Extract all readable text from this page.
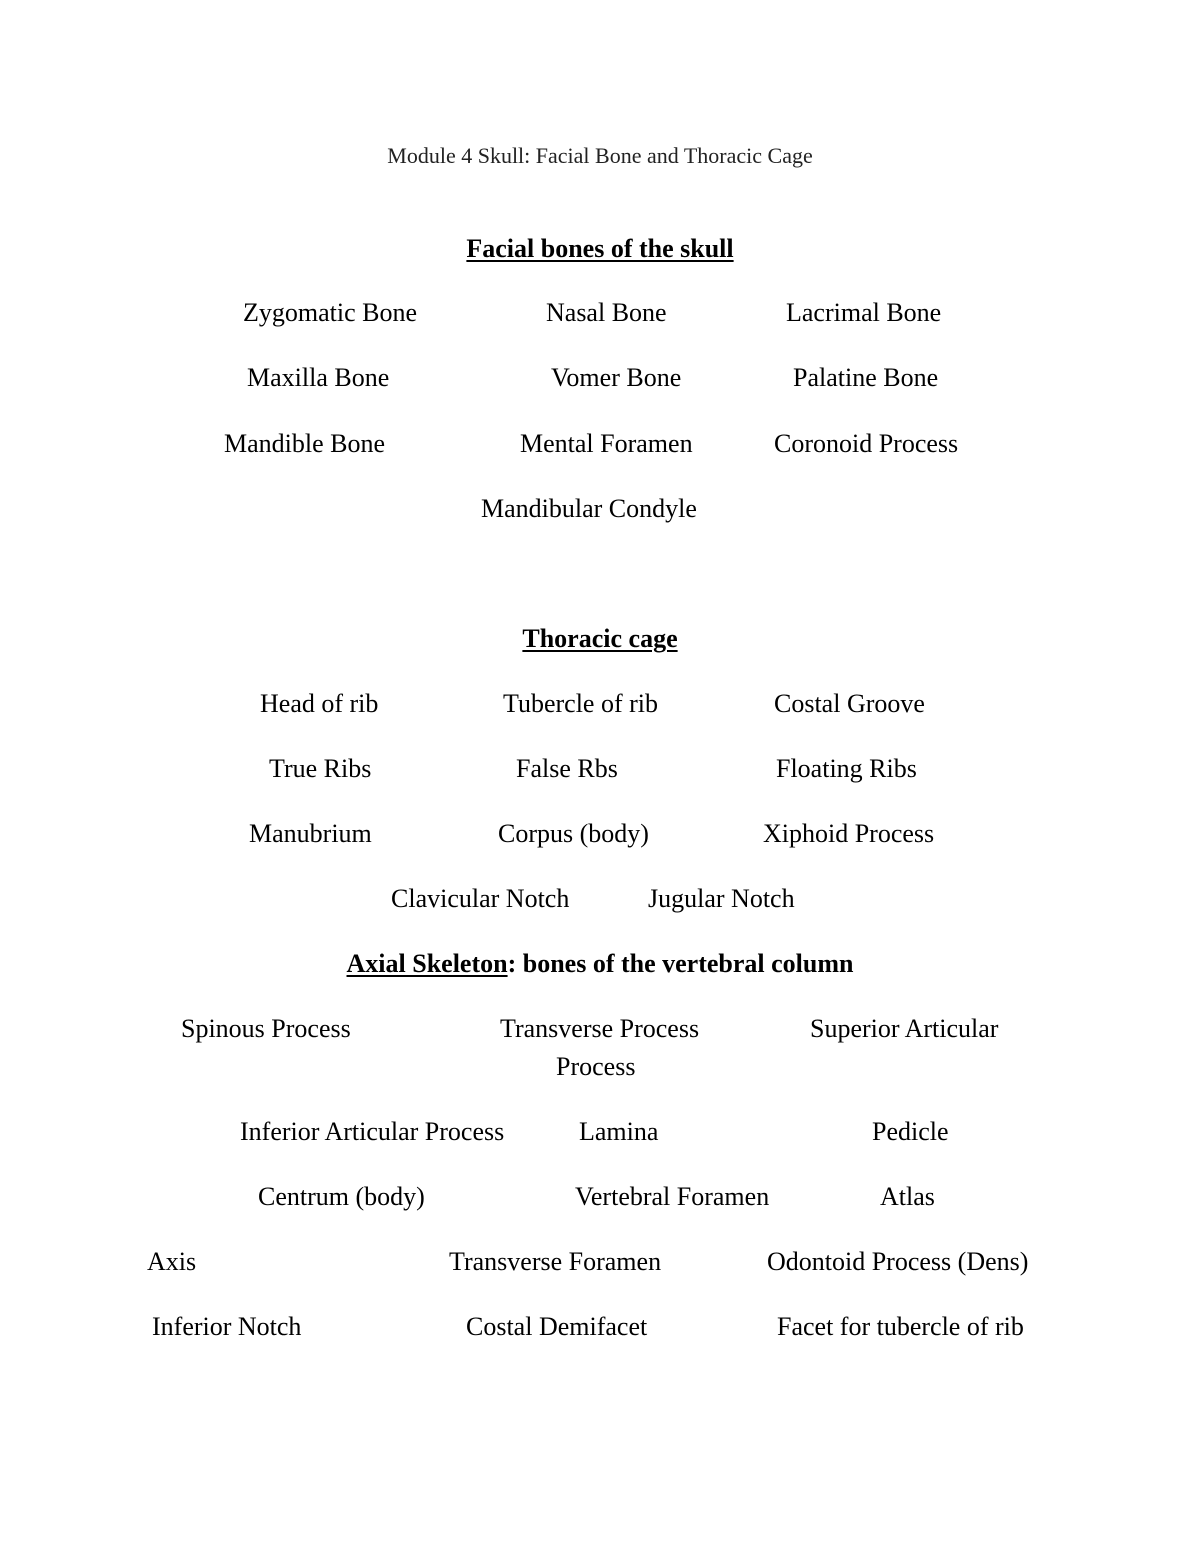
Module 4 Skull: Facial Bone and Thoracic Cage
Facial bones of the skull
Zygomatic Bone	Nasal Bone	Lacrimal Bone
Maxilla Bone	Vomer Bone	Palatine Bone
Mandible Bone	Mental Foramen	Coronoid Process
Mandibular Condyle
Thoracic cage
Head of rib	Tubercle of rib	Costal Groove
True Ribs	False Rbs	Floating Ribs
Manubrium	Corpus (body)	Xiphoid Process
Clavicular Notch	Jugular Notch
Axial Skeleton: bones of the vertebral column
Spinous Process	Transverse Process	Superior Articular
Process
Inferior Articular Process	Lamina	Pedicle
Centrum (body)	Vertebral Foramen	Atlas
Axis	Transverse Foramen	Odontoid Process (Dens)
Inferior Notch	Costal Demifacet	Facet for tubercle of rib
